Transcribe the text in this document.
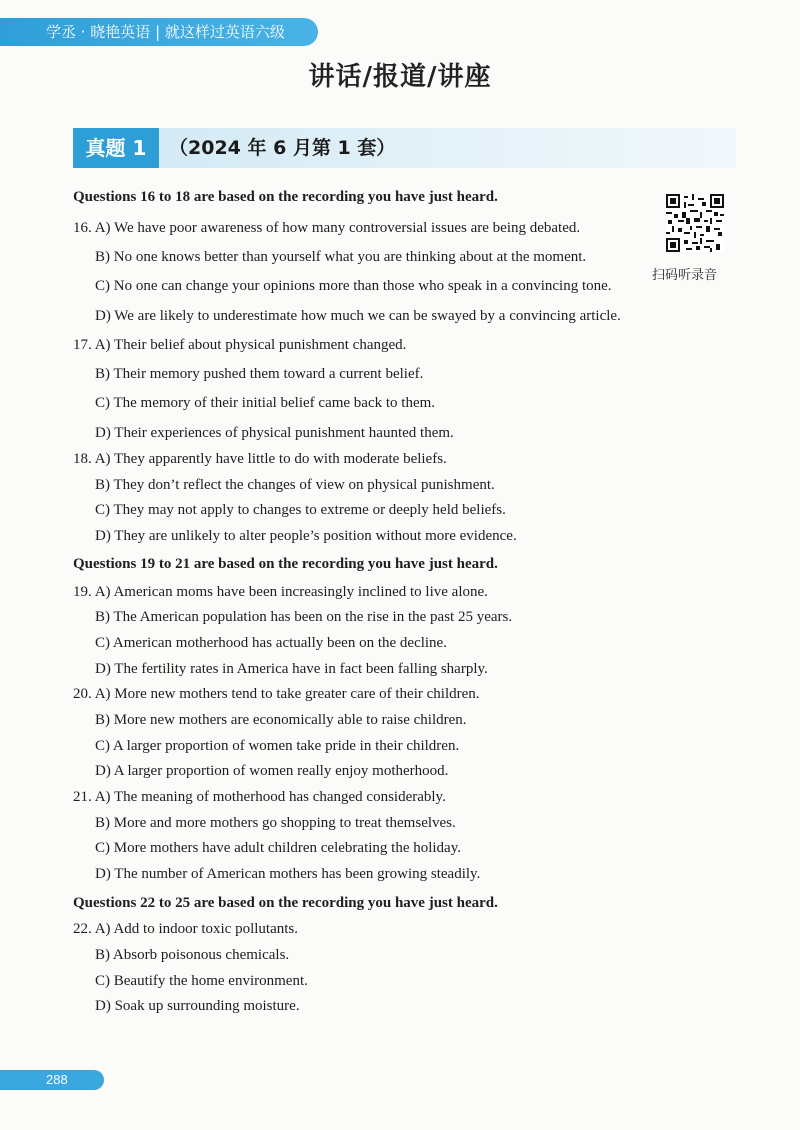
学丞 · 晓艳英语 | 就这样过英语六级
讲话/报道/讲座
真题 1	（2024 年 6 月第 1 套）
扫码听录音
Questions 16 to 18 are based on the recording you have just heard.
16. A) We have poor awareness of how many controversial issues are being debated.
B) No one knows better than yourself what you are thinking about at the moment.
C) No one can change your opinions more than those who speak in a convincing tone.
D) We are likely to underestimate how much we can be swayed by a convincing article.
17. A) Their belief about physical punishment changed.
B) Their memory pushed them toward a current belief.
C) The memory of their initial belief came back to them.
D) Their experiences of physical punishment haunted them.
18. A) They apparently have little to do with moderate beliefs.
B) They don’t reflect the changes of view on physical punishment.
C) They may not apply to changes to extreme or deeply held beliefs.
D) They are unlikely to alter people’s position without more evidence.
Questions 19 to 21 are based on the recording you have just heard.
19. A) American moms have been increasingly inclined to live alone.
B) The American population has been on the rise in the past 25 years.
C) American motherhood has actually been on the decline.
D) The fertility rates in America have in fact been falling sharply.
20. A) More new mothers tend to take greater care of their children.
B) More new mothers are economically able to raise children.
C) A larger proportion of women take pride in their children.
D) A larger proportion of women really enjoy motherhood.
21. A) The meaning of motherhood has changed considerably.
B) More and more mothers go shopping to treat themselves.
C) More mothers have adult children celebrating the holiday.
D) The number of American mothers has been growing steadily.
Questions 22 to 25 are based on the recording you have just heard.
22. A) Add to indoor toxic pollutants.
B) Absorb poisonous chemicals.
C) Beautify the home environment.
D) Soak up surrounding moisture.
288
